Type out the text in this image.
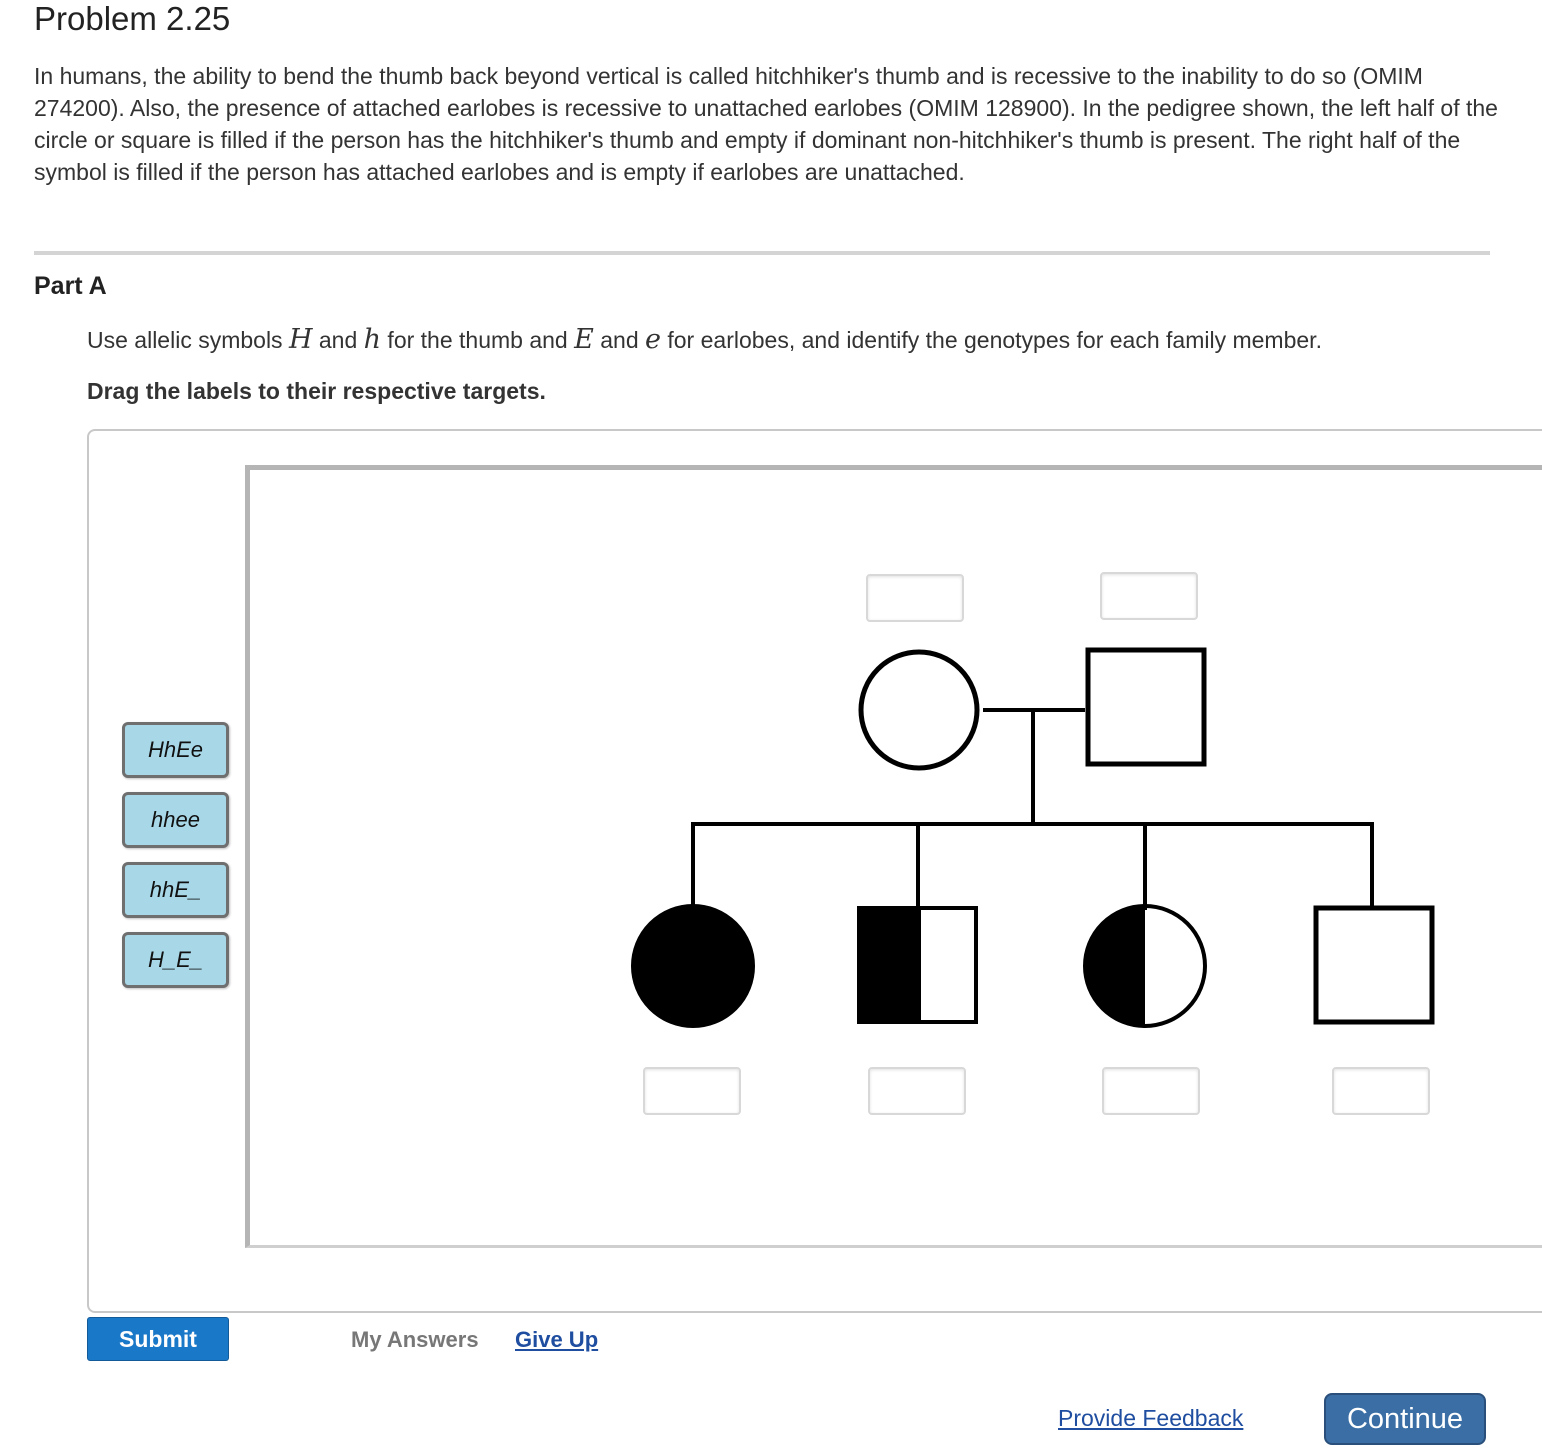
Problem 2.25

In humans, the ability to bend the thumb back beyond vertical is called hitchhiker's thumb and is recessive to the inability to do so (OMIM 274200). Also, the presence of attached earlobes is recessive to unattached earlobes (OMIM 128900). In the pedigree shown, the left half of the circle or square is filled if the person has the hitchhiker's thumb and empty if dominant non-hitchhiker's thumb is present. The right half of the symbol is filled if the person has attached earlobes and is empty if earlobes are unattached.

Part A
Use allelic symbols H and h for the thumb and E and e for earlobes, and identify the genotypes for each family member.
Drag the labels to their respective targets.
HhEe
hhee
hhE_
H_E_
Submit	My Answers Give Up
Provide Feedback	Continue
